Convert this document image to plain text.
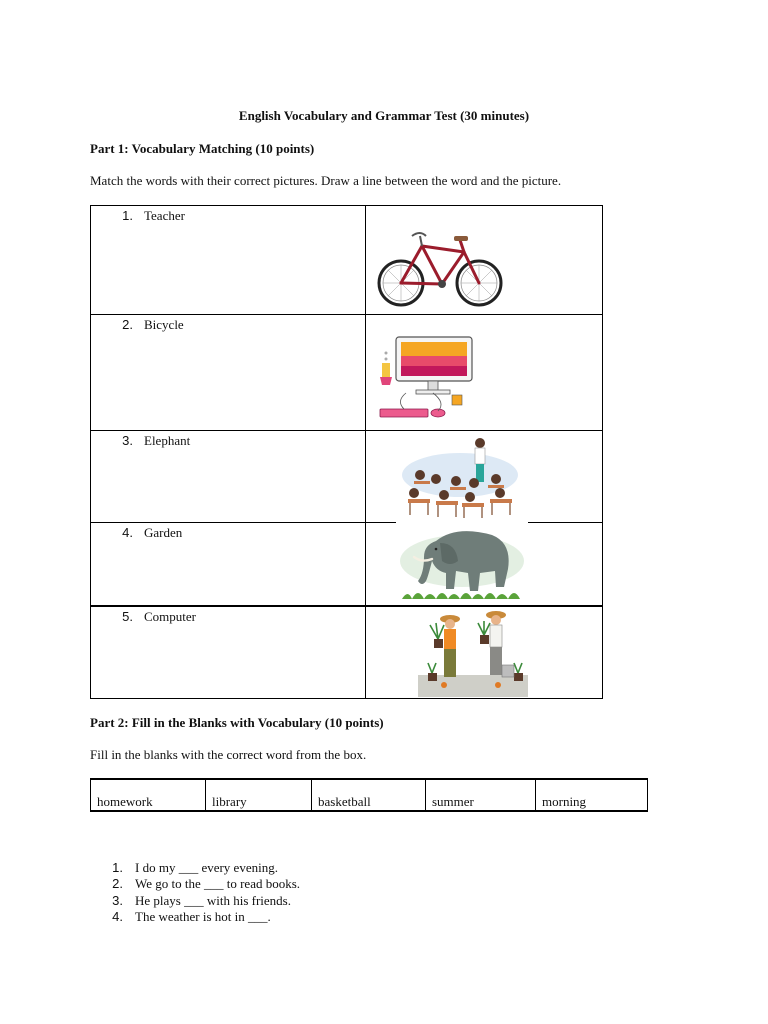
English Vocabulary and Grammar Test (30 minutes)
Part 1: Vocabulary Matching (10 points)
Match the words with their correct pictures. Draw a line between the word and the picture.
1. Teacher

2. Bicycle

3. Elephant

4. Garden

5. Computer

Part 2: Fill in the Blanks with Vocabulary (10 points)
Fill in the blanks with the correct word from the box.
homework	library	basketball	summer	morning
1. I do my ___ every evening.
2. We go to the ___ to read books.
3. He plays ___ with his friends.
4. The weather is hot in ___.
